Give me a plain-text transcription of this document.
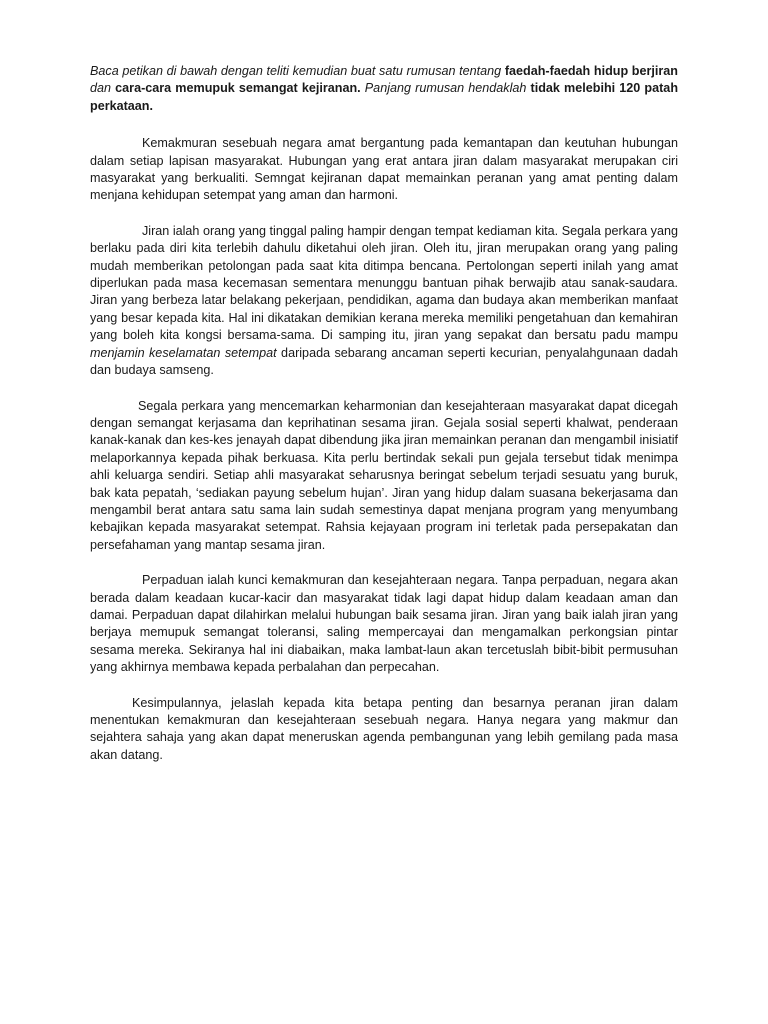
Baca petikan di bawah dengan teliti kemudian buat satu rumusan tentang faedah-faedah hidup berjiran dan cara-cara memupuk semangat kejiranan. Panjang rumusan hendaklah tidak melebihi 120 patah perkataan.

Kemakmuran sesebuah negara amat bergantung pada kemantapan dan keutuhan hubungan dalam setiap lapisan masyarakat. Hubungan yang erat antara jiran dalam masyarakat merupakan ciri masyarakat yang berkualiti. Semngat kejiranan dapat memainkan peranan yang amat penting dalam menjana kehidupan setempat yang aman dan harmoni.

Jiran ialah orang yang tinggal paling hampir dengan tempat kediaman kita. Segala perkara yang berlaku pada diri kita terlebih dahulu diketahui oleh jiran. Oleh itu, jiran merupakan orang yang paling mudah memberikan petolongan pada saat kita ditimpa bencana. Pertolongan seperti inilah yang amat diperlukan pada masa kecemasan sementara menunggu bantuan pihak berwajib atau sanak-saudara. Jiran yang berbeza latar belakang pekerjaan, pendidikan, agama dan budaya akan memberikan manfaat yang besar kepada kita. Hal ini dikatakan demikian kerana mereka memiliki pengetahuan dan kemahiran yang boleh kita kongsi bersama-sama. Di samping itu, jiran yang sepakat dan bersatu padu mampu menjamin keselamatan setempat daripada sebarang ancaman seperti kecurian, penyalahgunaan dadah dan budaya samseng.

Segala perkara yang mencemarkan keharmonian dan kesejahteraan masyarakat dapat dicegah dengan semangat kerjasama dan keprihatinan sesama jiran. Gejala sosial seperti khalwat, penderaan kanak-kanak dan kes-kes jenayah dapat dibendung jika jiran memainkan peranan dan mengambil inisiatif melaporkannya kepada pihak berkuasa. Kita perlu bertindak sekali pun gejala tersebut tidak menimpa ahli keluarga sendiri. Setiap ahli masyarakat seharusnya beringat sebelum terjadi sesuatu yang buruk, bak kata pepatah, ‘sediakan payung sebelum hujan’. Jiran yang hidup dalam suasana bekerjasama dan mengambil berat antara satu sama lain sudah semestinya dapat menjana program yang menyumbang kebajikan kepada masyarakat setempat. Rahsia kejayaan program ini terletak pada persepakatan dan persefahaman yang mantap sesama jiran.

Perpaduan ialah kunci kemakmuran dan kesejahteraan negara. Tanpa perpaduan, negara akan berada dalam keadaan kucar-kacir dan masyarakat tidak lagi dapat hidup dalam keadaan aman dan damai. Perpaduan dapat dilahirkan melalui hubungan baik sesama jiran. Jiran yang baik ialah jiran yang berjaya memupuk semangat toleransi, saling mempercayai dan mengamalkan perkongsian pintar sesama mereka. Sekiranya hal ini diabaikan, maka lambat-laun akan tercetuslah bibit-bibit permusuhan yang akhirnya membawa kepada perbalahan dan perpecahan.

Kesimpulannya, jelaslah kepada kita betapa penting dan besarnya peranan jiran dalam menentukan kemakmuran dan kesejahteraan sesebuah negara. Hanya negara yang makmur dan sejahtera sahaja yang akan dapat meneruskan agenda pembangunan yang lebih gemilang pada masa akan datang.
